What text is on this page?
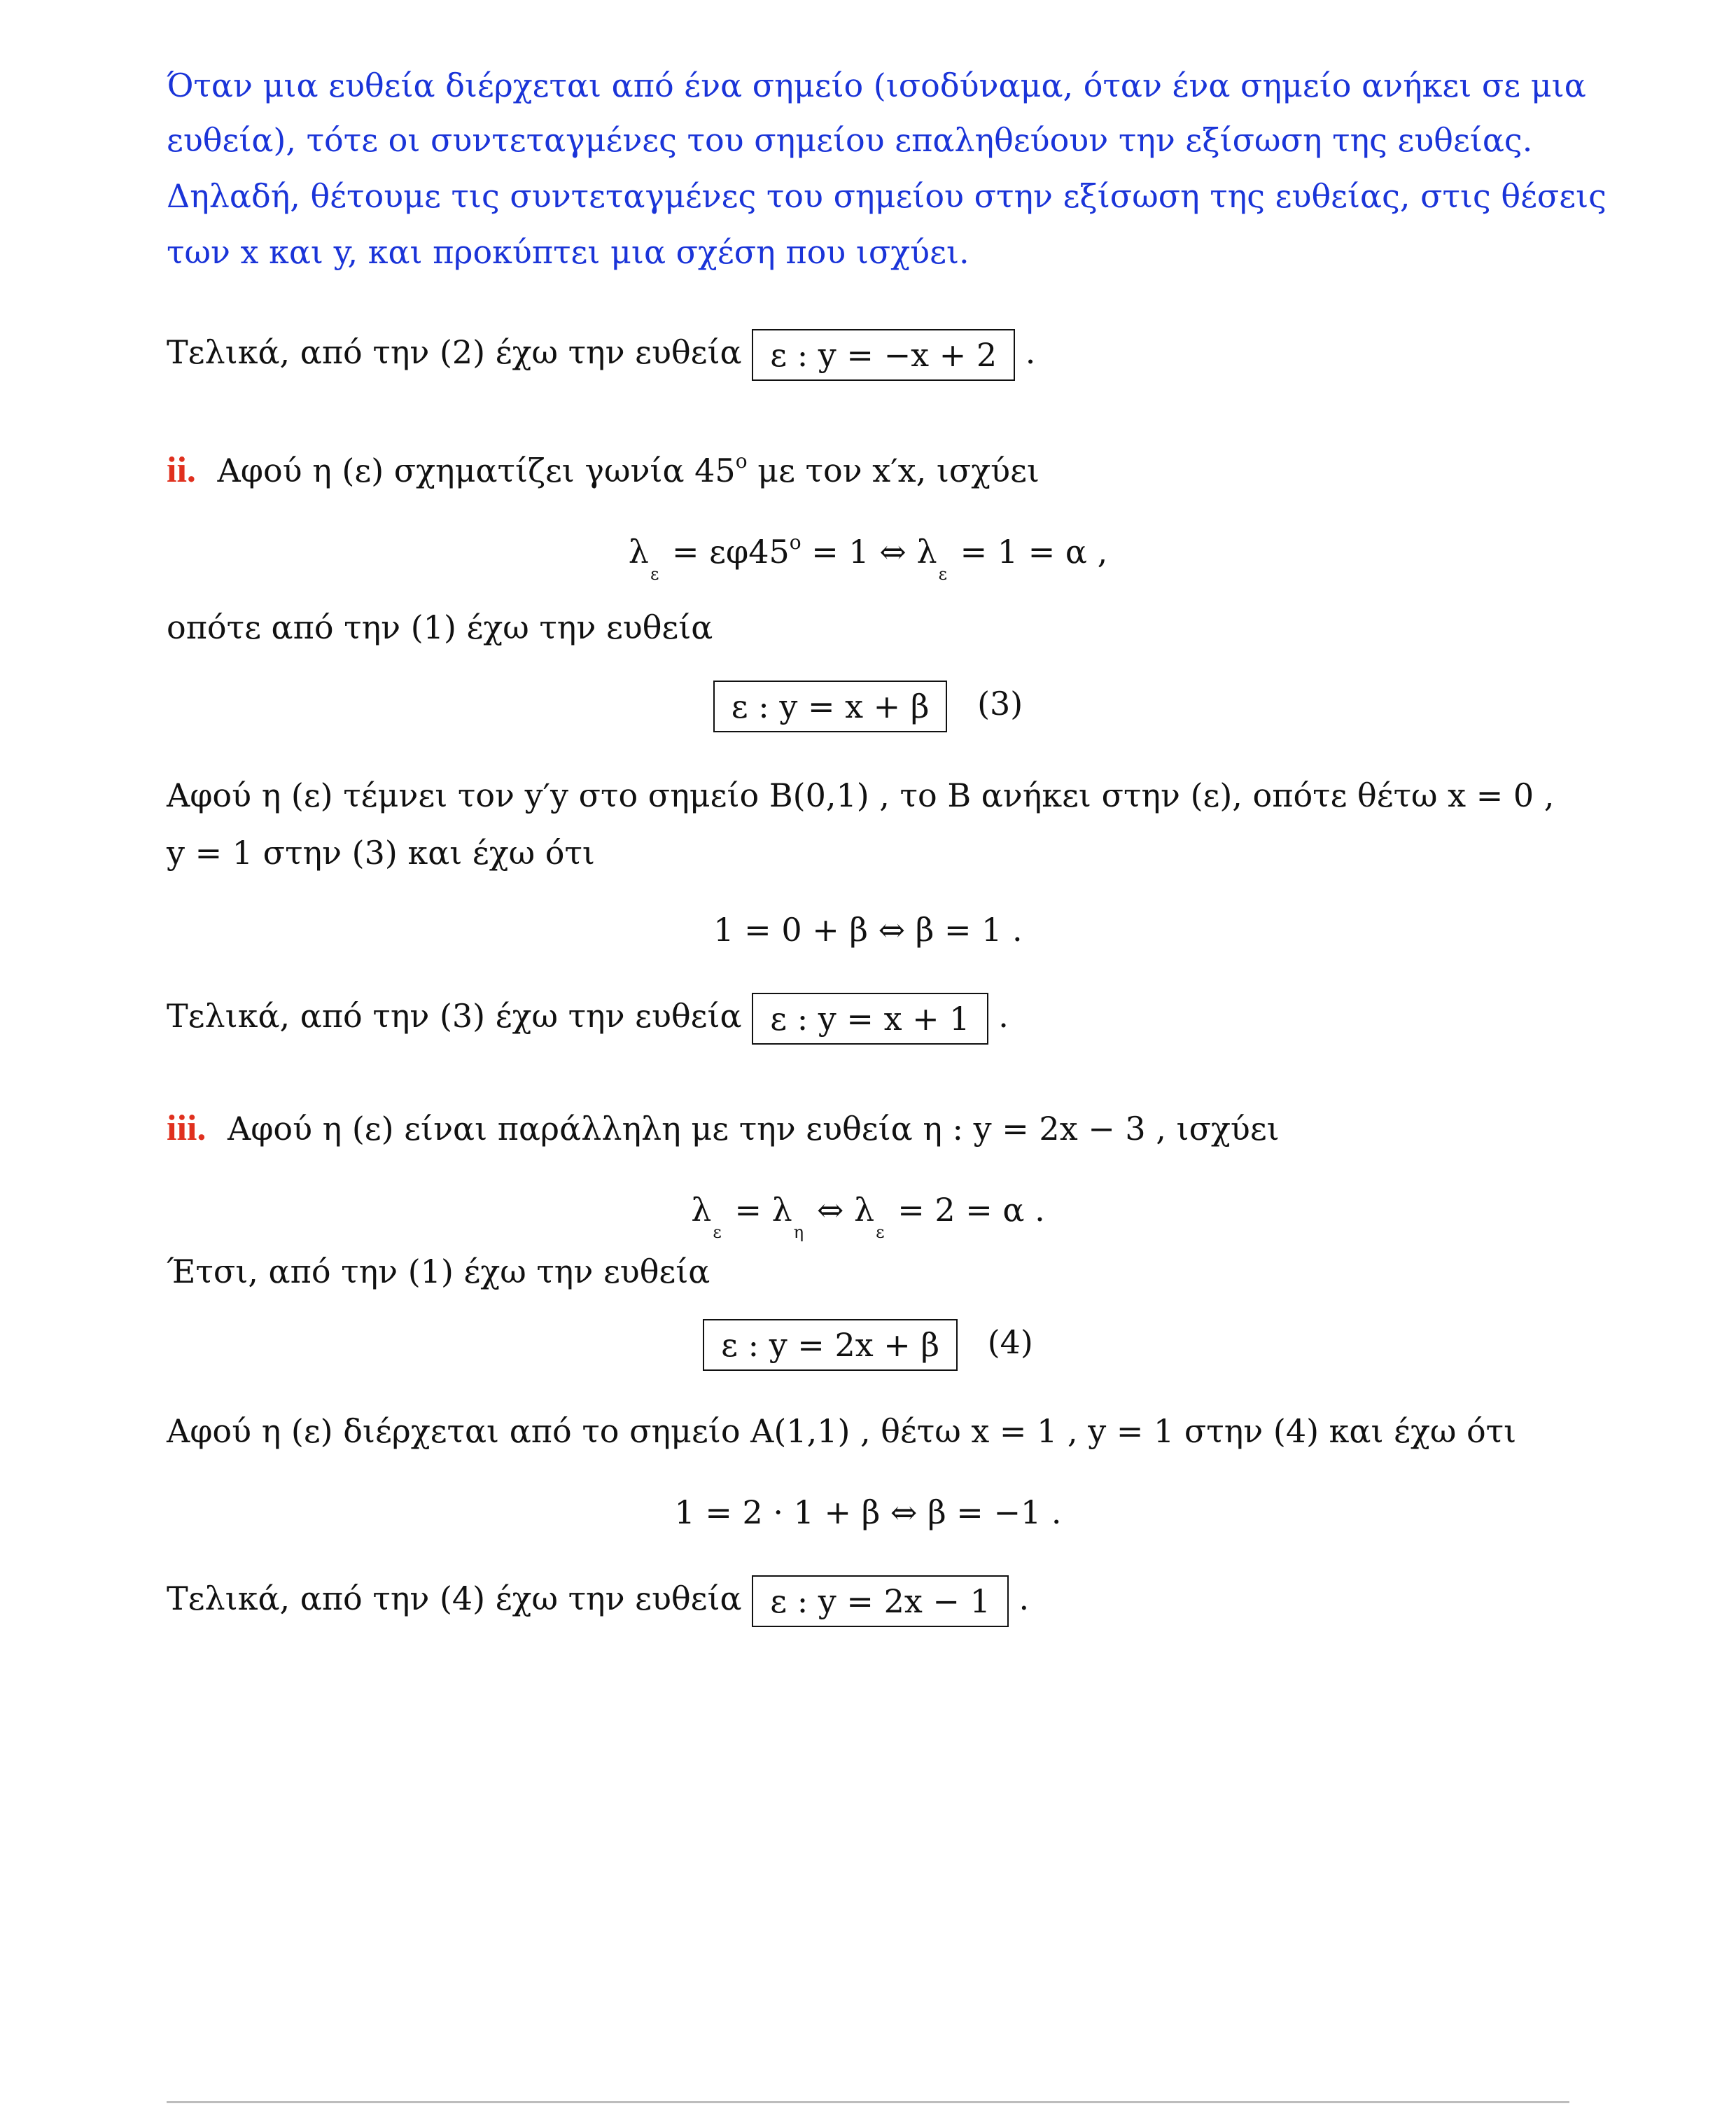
Όταν μια ευθεία διέρχεται από ένα σημείο (ισοδύναμα, όταν ένα σημείο ανήκει σε μια
ευθεία), τότε οι συντεταγμένες του σημείου επαληθεύουν την εξίσωση της ευθείας.
Δηλαδή, θέτουμε τις συντεταγμένες του σημείου στην εξίσωση της ευθείας, στις θέσεις
των x και y, και προκύπτει μια σχέση που ισχύει.
Τελικά, από την (2) έχω την ευθεία ε : y = −x + 2 .
ii. Αφού η (ε) σχηματίζει γωνία $45^o$ με τον x′x, ισχύει
$\lambda_\varepsilon = \varepsilon\varphi 45^o = 1$ ⇔ $\lambda_\varepsilon = 1 = \alpha$ ,
οπότε από την (1) έχω την ευθεία
ε : y = x + β (3)
Αφού η (ε) τέμνει τον y′y στο σημείο B(0,1) , το B ανήκει στην (ε), οπότε θέτω x = 0 ,
y = 1 στην (3) και έχω ότι
1 = 0 + β ⇔ β = 1 .
Τελικά, από την (3) έχω την ευθεία ε : y = x + 1 .
iii. Αφού η (ε) είναι παράλληλη με την ευθεία η : y = 2x − 3 , ισχύει
$\lambda_\varepsilon = \lambda_\eta$ ⇔ $\lambda_\varepsilon = 2 = \alpha$ .
Έτσι, από την (1) έχω την ευθεία
ε : y = 2x + β (4)
Αφού η (ε) διέρχεται από το σημείο A(1,1) , θέτω x = 1 , y = 1 στην (4) και έχω ότι
1 = 2 · 1 + β ⇔ β = −1 .
Τελικά, από την (4) έχω την ευθεία ε : y = 2x − 1 .
